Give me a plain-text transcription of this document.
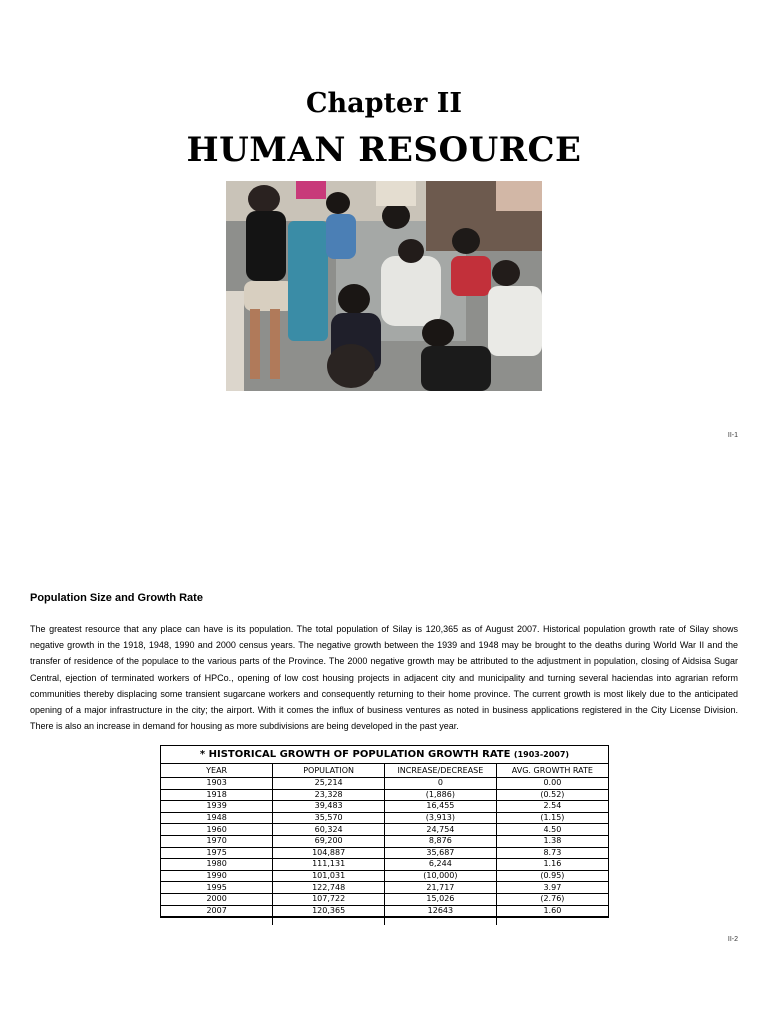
Chapter II
HUMAN RESOURCE
II-1
Population Size and Growth Rate
The greatest resource that any place can have is its population. The total population of Silay is 120,365 as of August 2007. Historical population growth rate of Silay shows negative growth in the 1918, 1948, 1990 and 2000 census years. The negative growth between the 1939 and 1948 may be brought to the deaths during World War II and the transfer of residence of the populace to the various parts of the Province. The 2000 negative growth may be attributed to the adjustment in population, closing of Aidsisa Sugar Central, ejection of terminated workers of HPCo., opening of low cost housing projects in adjacent city and municipality and turning several haciendas into agrarian reform communities thereby displacing some transient sugarcane workers and consequently returning to their home province. The current growth is most likely due to the anticipated opening of a major infrastructure in the city; the airport. With it comes the influx of business ventures as noted in business applications registered in the City License Division. There is also an increase in demand for housing as more subdivisions are being developed in the past year.
* HISTORICAL GROWTH OF POPULATION GROWTH RATE (1903-2007)
YEAR	POPULATION	INCREASE/DECREASE	AVG. GROWTH RATE
1903	25,214	0	0.00
1918	23,328	(1,886)	(0.52)
1939	39,483	16,455	2.54
1948	35,570	(3,913)	(1.15)
1960	60,324	24,754	4.50
1970	69,200	8,876	1.38
1975	104,887	35,687	8.73
1980	111,131	6,244	1.16
1990	101,031	(10,000)	(0.95)
1995	122,748	21,717	3.97
2000	107,722	15,026	(2.76)
2007	120,365	12643	1.60

II-2
